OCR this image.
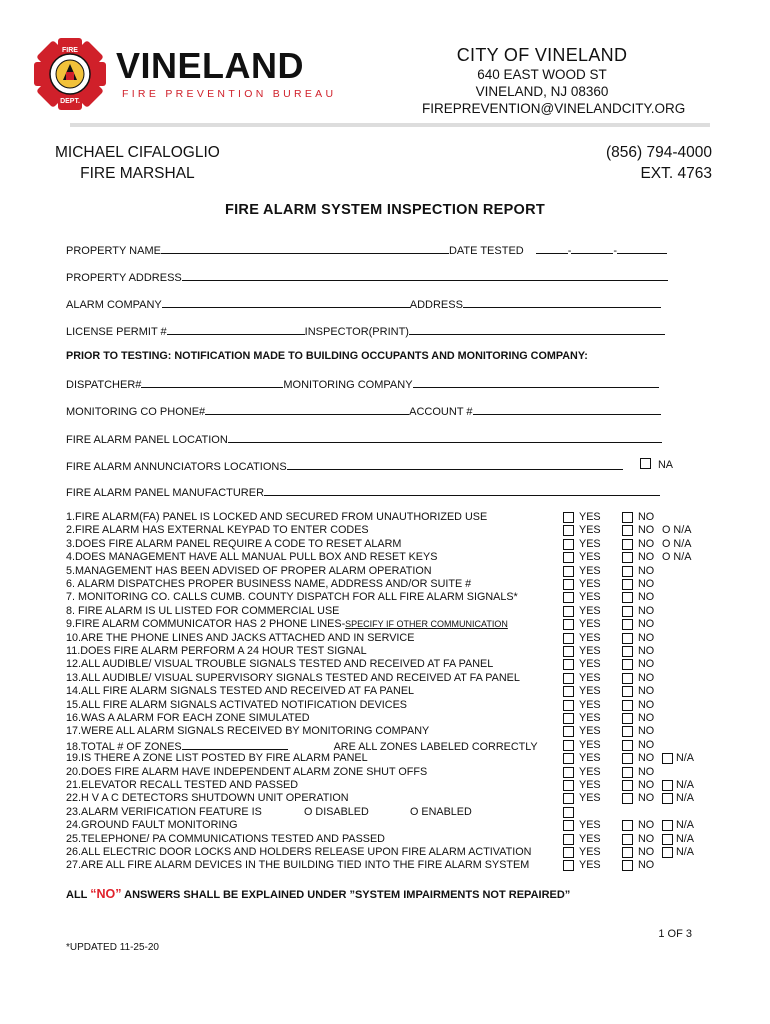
FIRE
DEPT.
VINELAND
FIRE PREVENTION BUREAU
CITY OF VINELAND
640 EAST WOOD ST
VINELAND, NJ 08360
FIREPREVENTION@VINELANDCITY.ORG
MICHAEL CIFALOGLIO
FIRE MARSHAL
(856) 794-4000
EXT. 4763
FIRE ALARM SYSTEM INSPECTION REPORT
PROPERTY NAME	DATE TESTED	-	-
PROPERTY ADDRESS
ALARM COMPANY	ADDRESS
LICENSE PERMIT #	INSPECTOR(PRINT)
PRIOR TO TESTING: NOTIFICATION MADE TO BUILDING OCCUPANTS AND MONITORING COMPANY:
DISPATCHER#	MONITORING COMPANY
MONITORING CO PHONE#	ACCOUNT #
FIRE ALARM PANEL LOCATION
FIRE ALARM ANNUNCIATORS LOCATIONS	NA
FIRE ALARM PANEL MANUFACTURER
1.FIRE ALARM(FA) PANEL IS LOCKED AND SECURED FROM UNAUTHORIZED USE	YES	NO
2.FIRE ALARM HAS EXTERNAL KEYPAD TO ENTER CODES	YES	NO O N/A
3.DOES FIRE ALARM PANEL REQUIRE A CODE TO RESET ALARM	YES	NO O N/A
4.DOES MANAGEMENT HAVE ALL MANUAL PULL BOX AND RESET KEYS	YES	NO O N/A
5.MANAGEMENT HAS BEEN ADVISED OF PROPER ALARM OPERATION	YES	NO
6. ALARM DISPATCHES PROPER BUSINESS NAME, ADDRESS AND/OR SUITE #	YES	NO
7. MONITORING CO. CALLS CUMB. COUNTY DISPATCH FOR ALL FIRE ALARM SIGNALS*	YES	NO
8. FIRE ALARM IS UL LISTED FOR COMMERCIAL USE	YES	NO
9.FIRE ALARM COMMUNICATOR HAS 2 PHONE LINES-SPECIFY IF OTHER COMMUNICATION	YES	NO
10.ARE THE PHONE LINES AND JACKS ATTACHED AND IN SERVICE	YES	NO
11.DOES FIRE ALARM PERFORM A 24 HOUR TEST SIGNAL	YES	NO
12.ALL AUDIBLE/ VISUAL TROUBLE SIGNALS TESTED AND RECEIVED AT FA PANEL	YES	NO
13.ALL AUDIBLE/ VISUAL SUPERVISORY SIGNALS TESTED AND RECEIVED AT FA PANEL	YES	NO
14.ALL FIRE ALARM SIGNALS TESTED AND RECEIVED AT FA PANEL	YES	NO
15.ALL FIRE ALARM SIGNALS ACTIVATED NOTIFICATION DEVICES	YES	NO
16.WAS A ALARM FOR EACH ZONE SIMULATED	YES	NO
17.WERE ALL ALARM SIGNALS RECEIVED BY MONITORING COMPANY	YES	NO
18.TOTAL # OF ZONES	ARE ALL ZONES LABELED CORRECTLY	YES	NO
19.IS THERE A ZONE LIST POSTED BY FIRE ALARM PANEL	YES	NO N/A
20.DOES FIRE ALARM HAVE INDEPENDENT ALARM ZONE SHUT OFFS	YES	NO
21.ELEVATOR RECALL TESTED AND PASSED	YES	NO N/A
22.H V A C DETECTORS SHUTDOWN UNIT OPERATION	YES	NO N/A
23.ALARM VERIFICATION FEATURE IS	O DISABLED	O ENABLED
24.GROUND FAULT MONITORING	YES	NO N/A
25.TELEPHONE/ PA COMMUNICATIONS TESTED AND PASSED	YES	NO N/A
26.ALL ELECTRIC DOOR LOCKS AND HOLDERS RELEASE UPON FIRE ALARM ACTIVATION	YES	NO N/A
27.ARE ALL FIRE ALARM DEVICES IN THE BUILDING TIED INTO THE FIRE ALARM SYSTEM	YES	NO
ALL “NO” ANSWERS SHALL BE EXPLAINED UNDER ”SYSTEM IMPAIRMENTS NOT REPAIRED”
1 OF 3
*UPDATED 11-25-20
